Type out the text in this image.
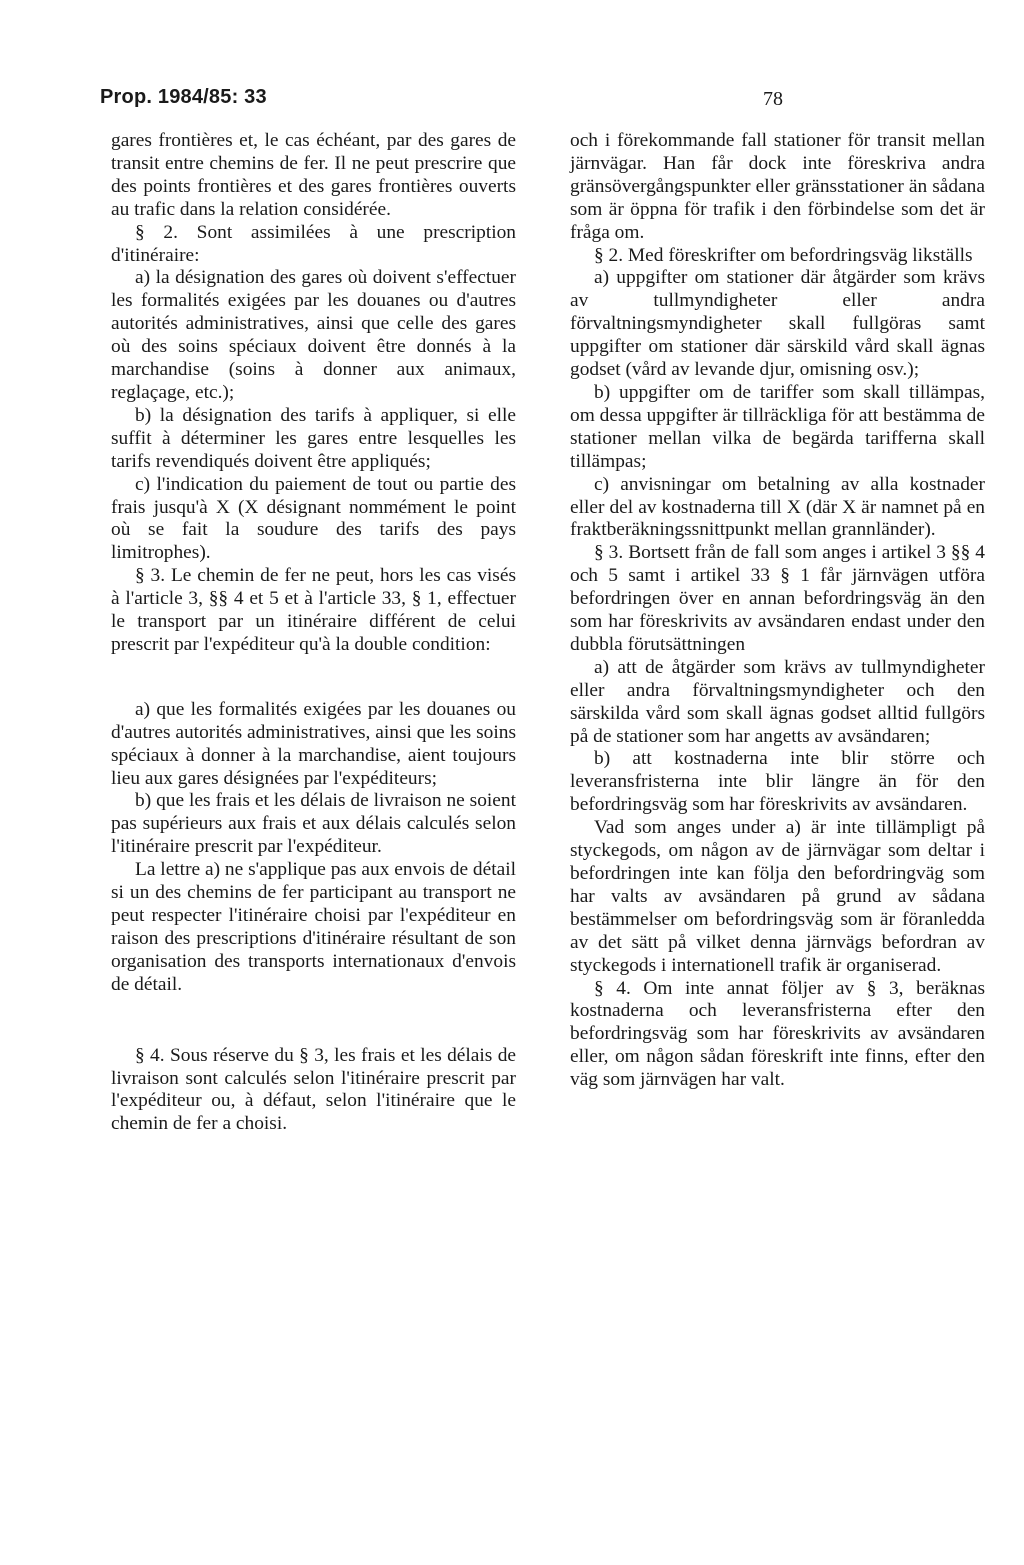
Prop. 1984/85: 33	78

gares frontières et, le cas échéant, par des gares de transit entre chemins de fer. Il ne peut prescrire que des points frontières et des gares frontières ouverts au trafic dans la relation considérée.

§ 2. Sont assimilées à une prescription d'itinéraire:

a) la désignation des gares où doivent s'effectuer les formalités exigées par les douanes ou d'autres autorités administratives, ainsi que celle des gares où des soins spéciaux doivent être donnés à la marchandise (soins à donner aux animaux, reglaçage, etc.);

b) la désignation des tarifs à appliquer, si elle suffit à déterminer les gares entre lesquelles les tarifs revendiqués doivent être appliqués;

c) l'indication du paiement de tout ou partie des frais jusqu'à X (X désignant nommément le point où se fait la soudure des tarifs des pays limitrophes).

§ 3. Le chemin de fer ne peut, hors les cas visés à l'article 3, §§ 4 et 5 et à l'article 33, § 1, effectuer le transport par un itinéraire différent de celui prescrit par l'expéditeur qu'à la double condition:

a) que les formalités exigées par les douanes ou d'autres autorités administratives, ainsi que les soins spéciaux à donner à la marchandise, aient toujours lieu aux gares désignées par l'expéditeurs;

b) que les frais et les délais de livraison ne soient pas supérieurs aux frais et aux délais calculés selon l'itinéraire prescrit par l'expéditeur.

La lettre a) ne s'applique pas aux envois de détail si un des chemins de fer participant au transport ne peut respecter l'itinéraire choisi par l'expéditeur en raison des prescriptions d'itinéraire résultant de son organisation des transports internationaux d'envois de détail.

§ 4. Sous réserve du § 3, les frais et les délais de livraison sont calculés selon l'itinéraire prescrit par l'expéditeur ou, à défaut, selon l'itinéraire que le chemin de fer a choisi.

och i förekommande fall stationer för transit mellan järnvägar. Han får dock inte föreskriva andra gränsövergångspunkter eller gränsstationer än sådana som är öppna för trafik i den förbindelse som det är fråga om.

§ 2. Med föreskrifter om befordringsväg likställs

a) uppgifter om stationer där åtgärder som krävs av tullmyndigheter eller andra förvaltningsmyndigheter skall fullgöras samt uppgifter om stationer där särskild vård skall ägnas godset (vård av levande djur, omisning osv.);

b) uppgifter om de tariffer som skall tillämpas, om dessa uppgifter är tillräckliga för att bestämma de stationer mellan vilka de begärda tarifferna skall tillämpas;

c) anvisningar om betalning av alla kostnader eller del av kostnaderna till X (där X är namnet på en fraktberäkningssnittpunkt mellan grannländer).

§ 3. Bortsett från de fall som anges i artikel 3 §§ 4 och 5 samt i artikel 33 § 1 får järnvägen utföra befordringen över en annan befordringsväg än den som har föreskrivits av avsändaren endast under den dubbla förutsättningen

a) att de åtgärder som krävs av tullmyndigheter eller andra förvaltningsmyndigheter och den särskilda vård som skall ägnas godset alltid fullgörs på de stationer som har angetts av avsändaren;

b) att kostnaderna inte blir större och leveransfristerna inte blir längre än för den befordringsväg som har föreskrivits av avsändaren.

Vad som anges under a) är inte tillämpligt på styckegods, om någon av de järnvägar som deltar i befordringen inte kan följa den befordringväg som har valts av avsändaren på grund av sådana bestämmelser om befordringsväg som är föranledda av det sätt på vilket denna järnvägs befordran av styckegods i internationell trafik är organiserad.

§ 4. Om inte annat följer av § 3, beräknas kostnaderna och leveransfristerna efter den befordringsväg som har föreskrivits av avsändaren eller, om någon sådan föreskrift inte finns, efter den väg som järnvägen har valt.
